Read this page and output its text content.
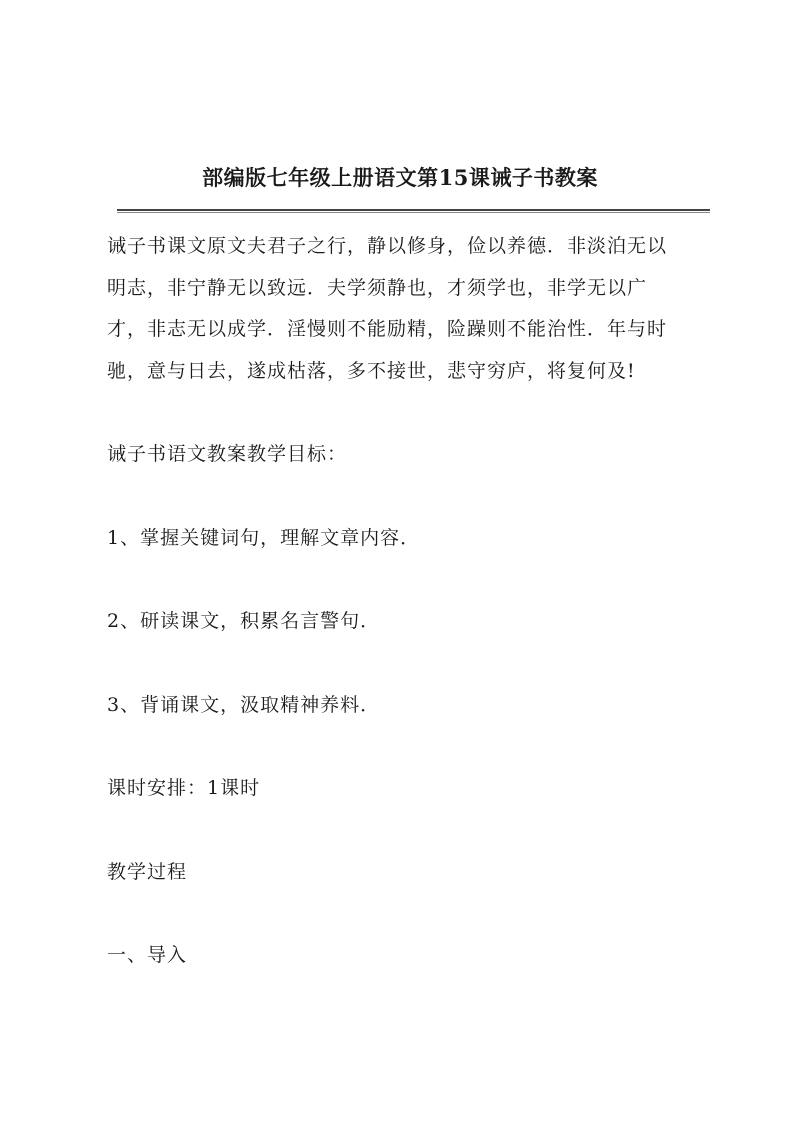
部编版七年级上册语文第15课诫子书教案

诫子书课文原文夫君子之行，静以修身，俭以养德．非淡泊无以
明志，非宁静无以致远．夫学须静也，才须学也，非学无以广
才，非志无以成学．淫慢则不能励精，险躁则不能治性．年与时
驰，意与日去，遂成枯落，多不接世，悲守穷庐，将复何及!

诫子书语文教案教学目标：

1、掌握关键词句，理解文章内容．

2、研读课文，积累名言警句．

3、背诵课文，汲取精神养料．

课时安排：1课时

教学过程

一、导入
